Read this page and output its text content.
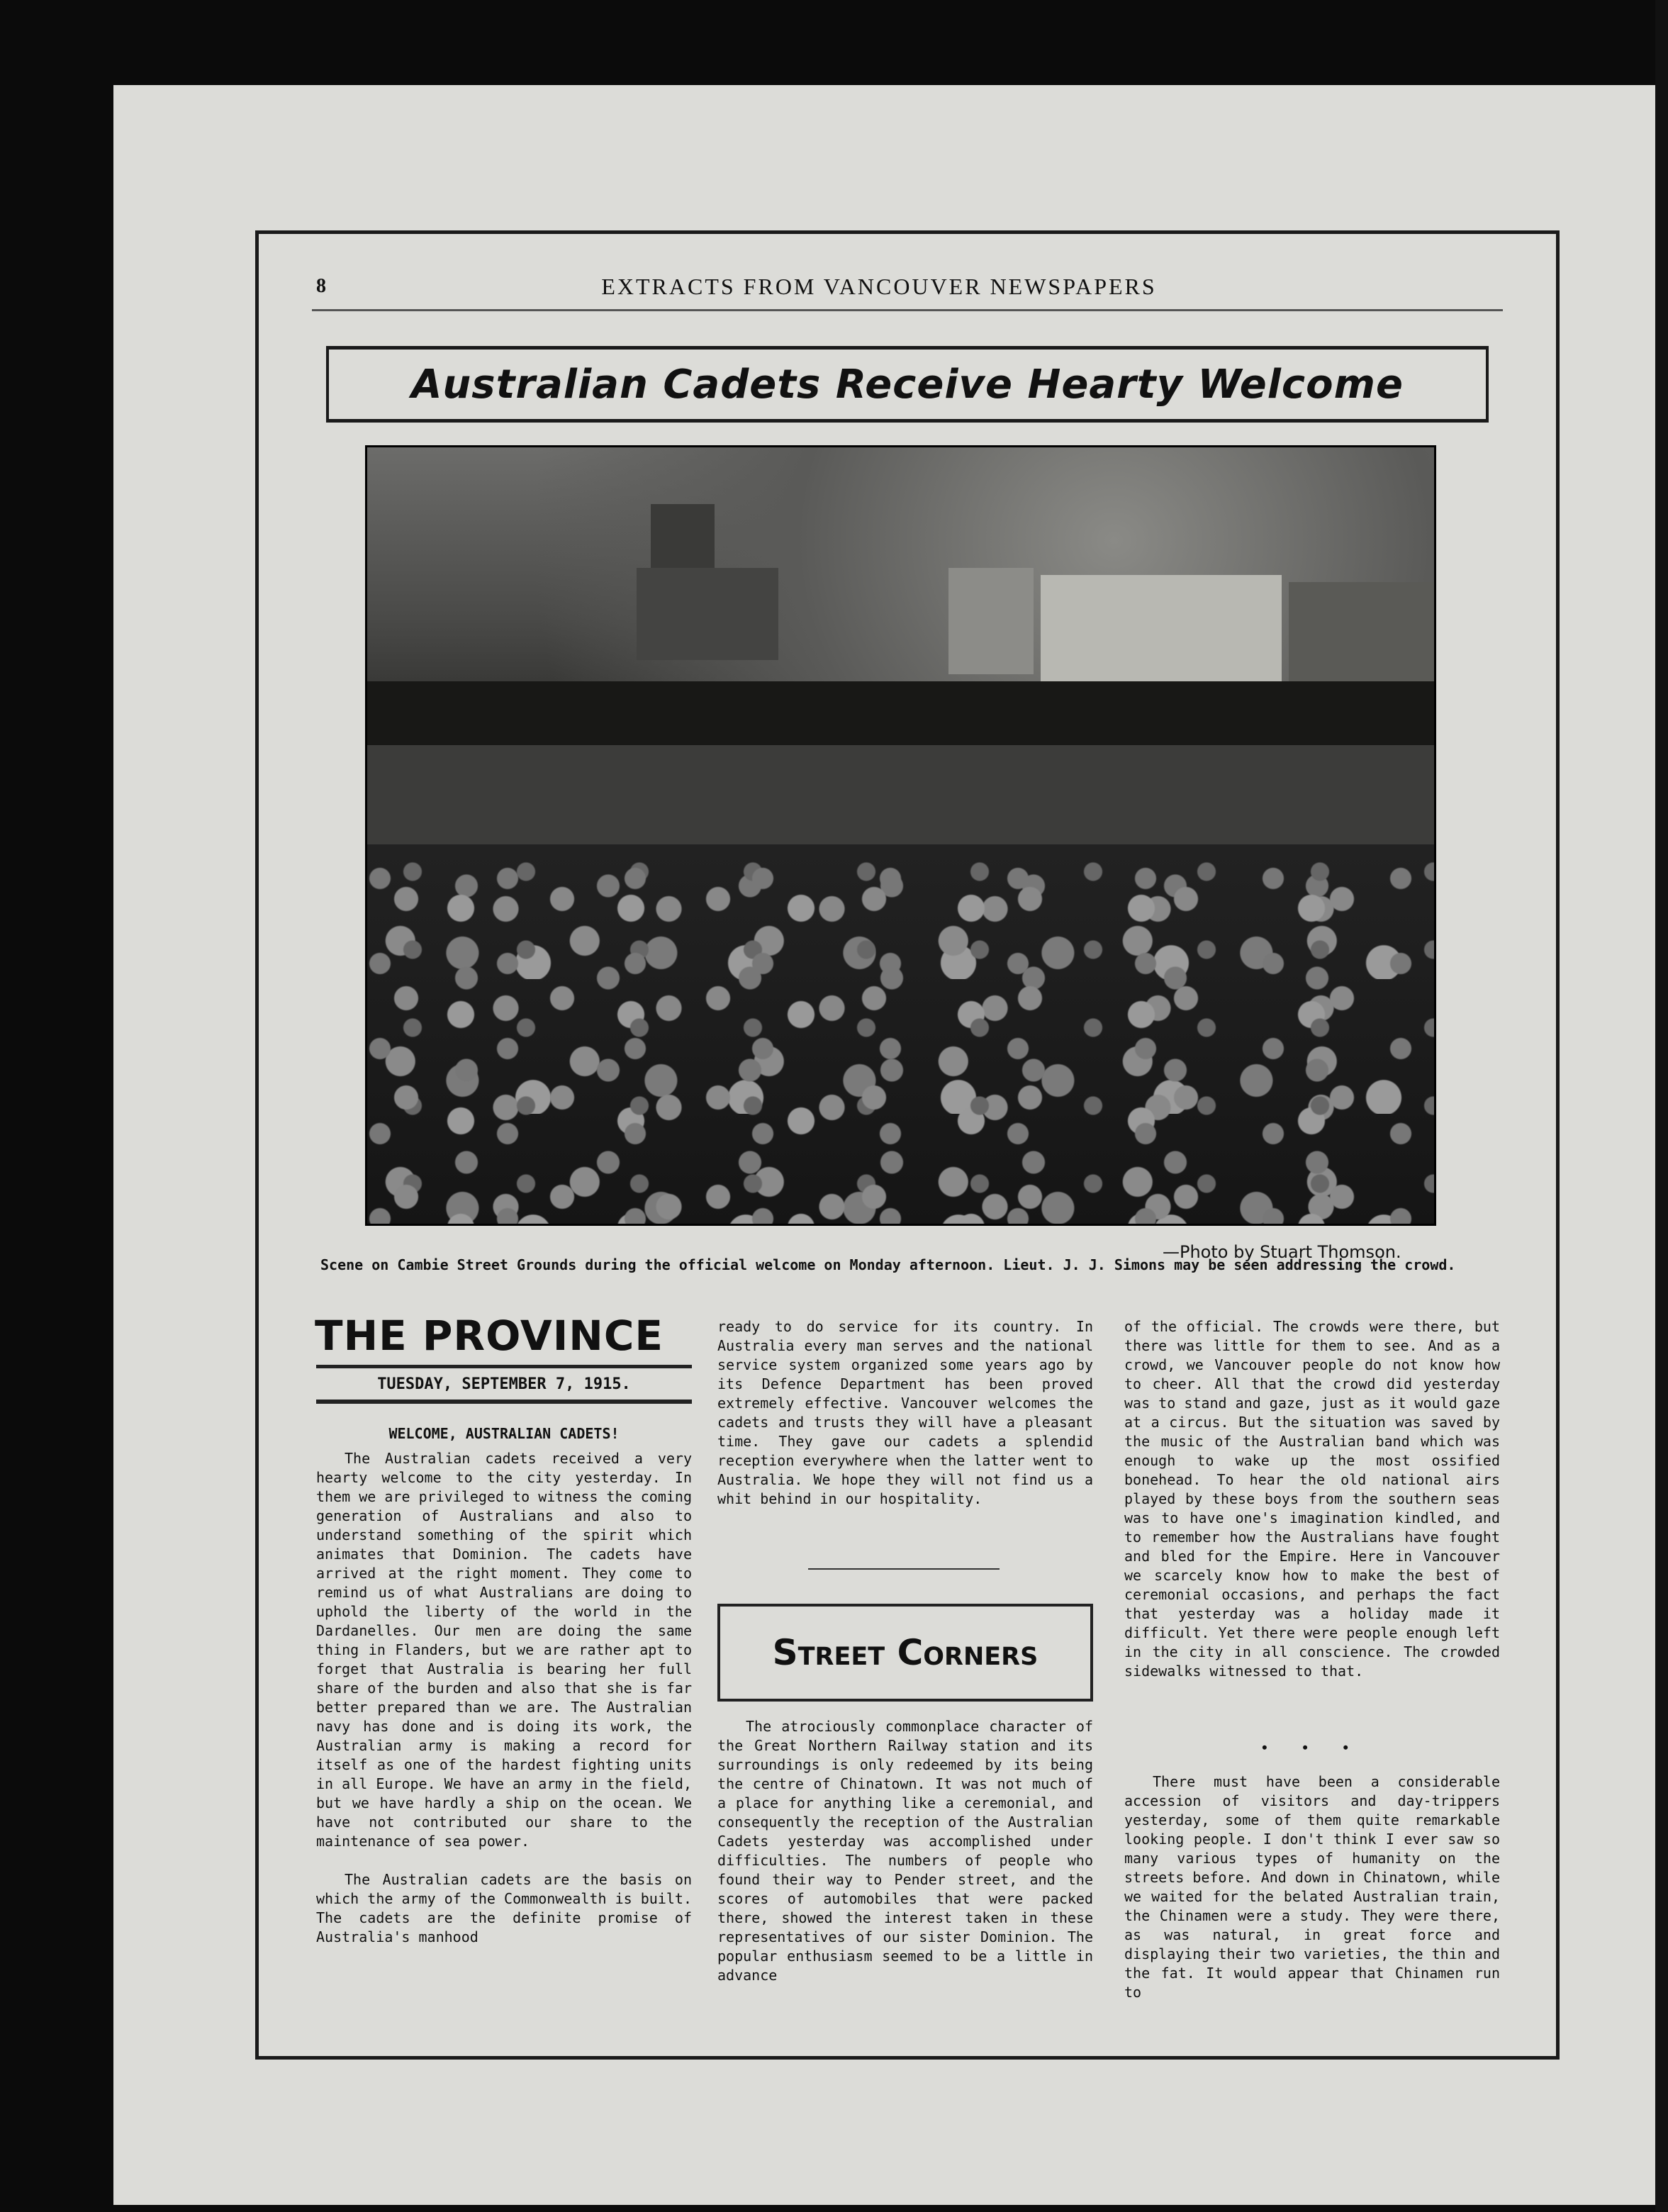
8	EXTRACTS FROM VANCOUVER NEWSPAPERS
Australian Cadets Receive Hearty Welcome
—Photo by Stuart Thomson.
Scene on Cambie Street Grounds during the official welcome on Monday afternoon. Lieut. J. J. Simons may be seen addressing the crowd.
THE PROVINCE
TUESDAY, SEPTEMBER 7, 1915.
WELCOME, AUSTRALIAN CADETS!

The Australian cadets received a very hearty welcome to the city yesterday. In them we are privileged to witness the coming generation of Australians and also to understand something of the spirit which animates that Dominion. The cadets have arrived at the right moment. They come to remind us of what Australians are doing to uphold the liberty of the world in the Dardanelles. Our men are doing the same thing in Flanders, but we are rather apt to forget that Australia is bearing her full share of the burden and also that she is far better prepared than we are. The Australian navy has done and is doing its work, the Australian army is making a record for itself as one of the hardest fighting units in all Europe. We have an army in the field, but we have hardly a ship on the ocean. We have not contributed our share to the maintenance of sea power.

The Australian cadets are the basis on which the army of the Commonwealth is built. The cadets are the definite promise of Australia's manhood

ready to do service for its country. In Australia every man serves and the national service system organized some years ago by its Defence Department has been proved extremely effective. Vancouver welcomes the cadets and trusts they will have a pleasant time. They gave our cadets a splendid reception everywhere when the latter went to Australia. We hope they will not find us a whit behind in our hospitality.

Street Corners

The atrociously commonplace character of the Great Northern Railway station and its surroundings is only redeemed by its being the centre of Chinatown. It was not much of a place for anything like a ceremonial, and consequently the reception of the Australian Cadets yesterday was accomplished under difficulties. The numbers of people who found their way to Pender street, and the scores of automobiles that were packed there, showed the interest taken in these representatives of our sister Dominion. The popular enthusiasm seemed to be a little in advance

of the official. The crowds were there, but there was little for them to see. And as a crowd, we Vancouver people do not know how to cheer. All that the crowd did yesterday was to stand and gaze, just as it would gaze at a circus. But the situation was saved by the music of the Australian band which was enough to wake up the most ossified bonehead. To hear the old national airs played by these boys from the southern seas was to have one's imagination kindled, and to remember how the Australians have fought and bled for the Empire. Here in Vancouver we scarcely know how to make the best of ceremonial occasions, and perhaps the fact that yesterday was a holiday made it difficult. Yet there were people enough left in the city in all conscience. The crowded sidewalks witnessed to that.

• • •

There must have been a considerable accession of visitors and day-trippers yesterday, some of them quite remarkable looking people. I don't think I ever saw so many various types of humanity on the streets before. And down in Chinatown, while we waited for the belated Australian train, the Chinamen were a study. They were there, as was natural, in great force and displaying their two varieties, the thin and the fat. It would appear that Chinamen run to
